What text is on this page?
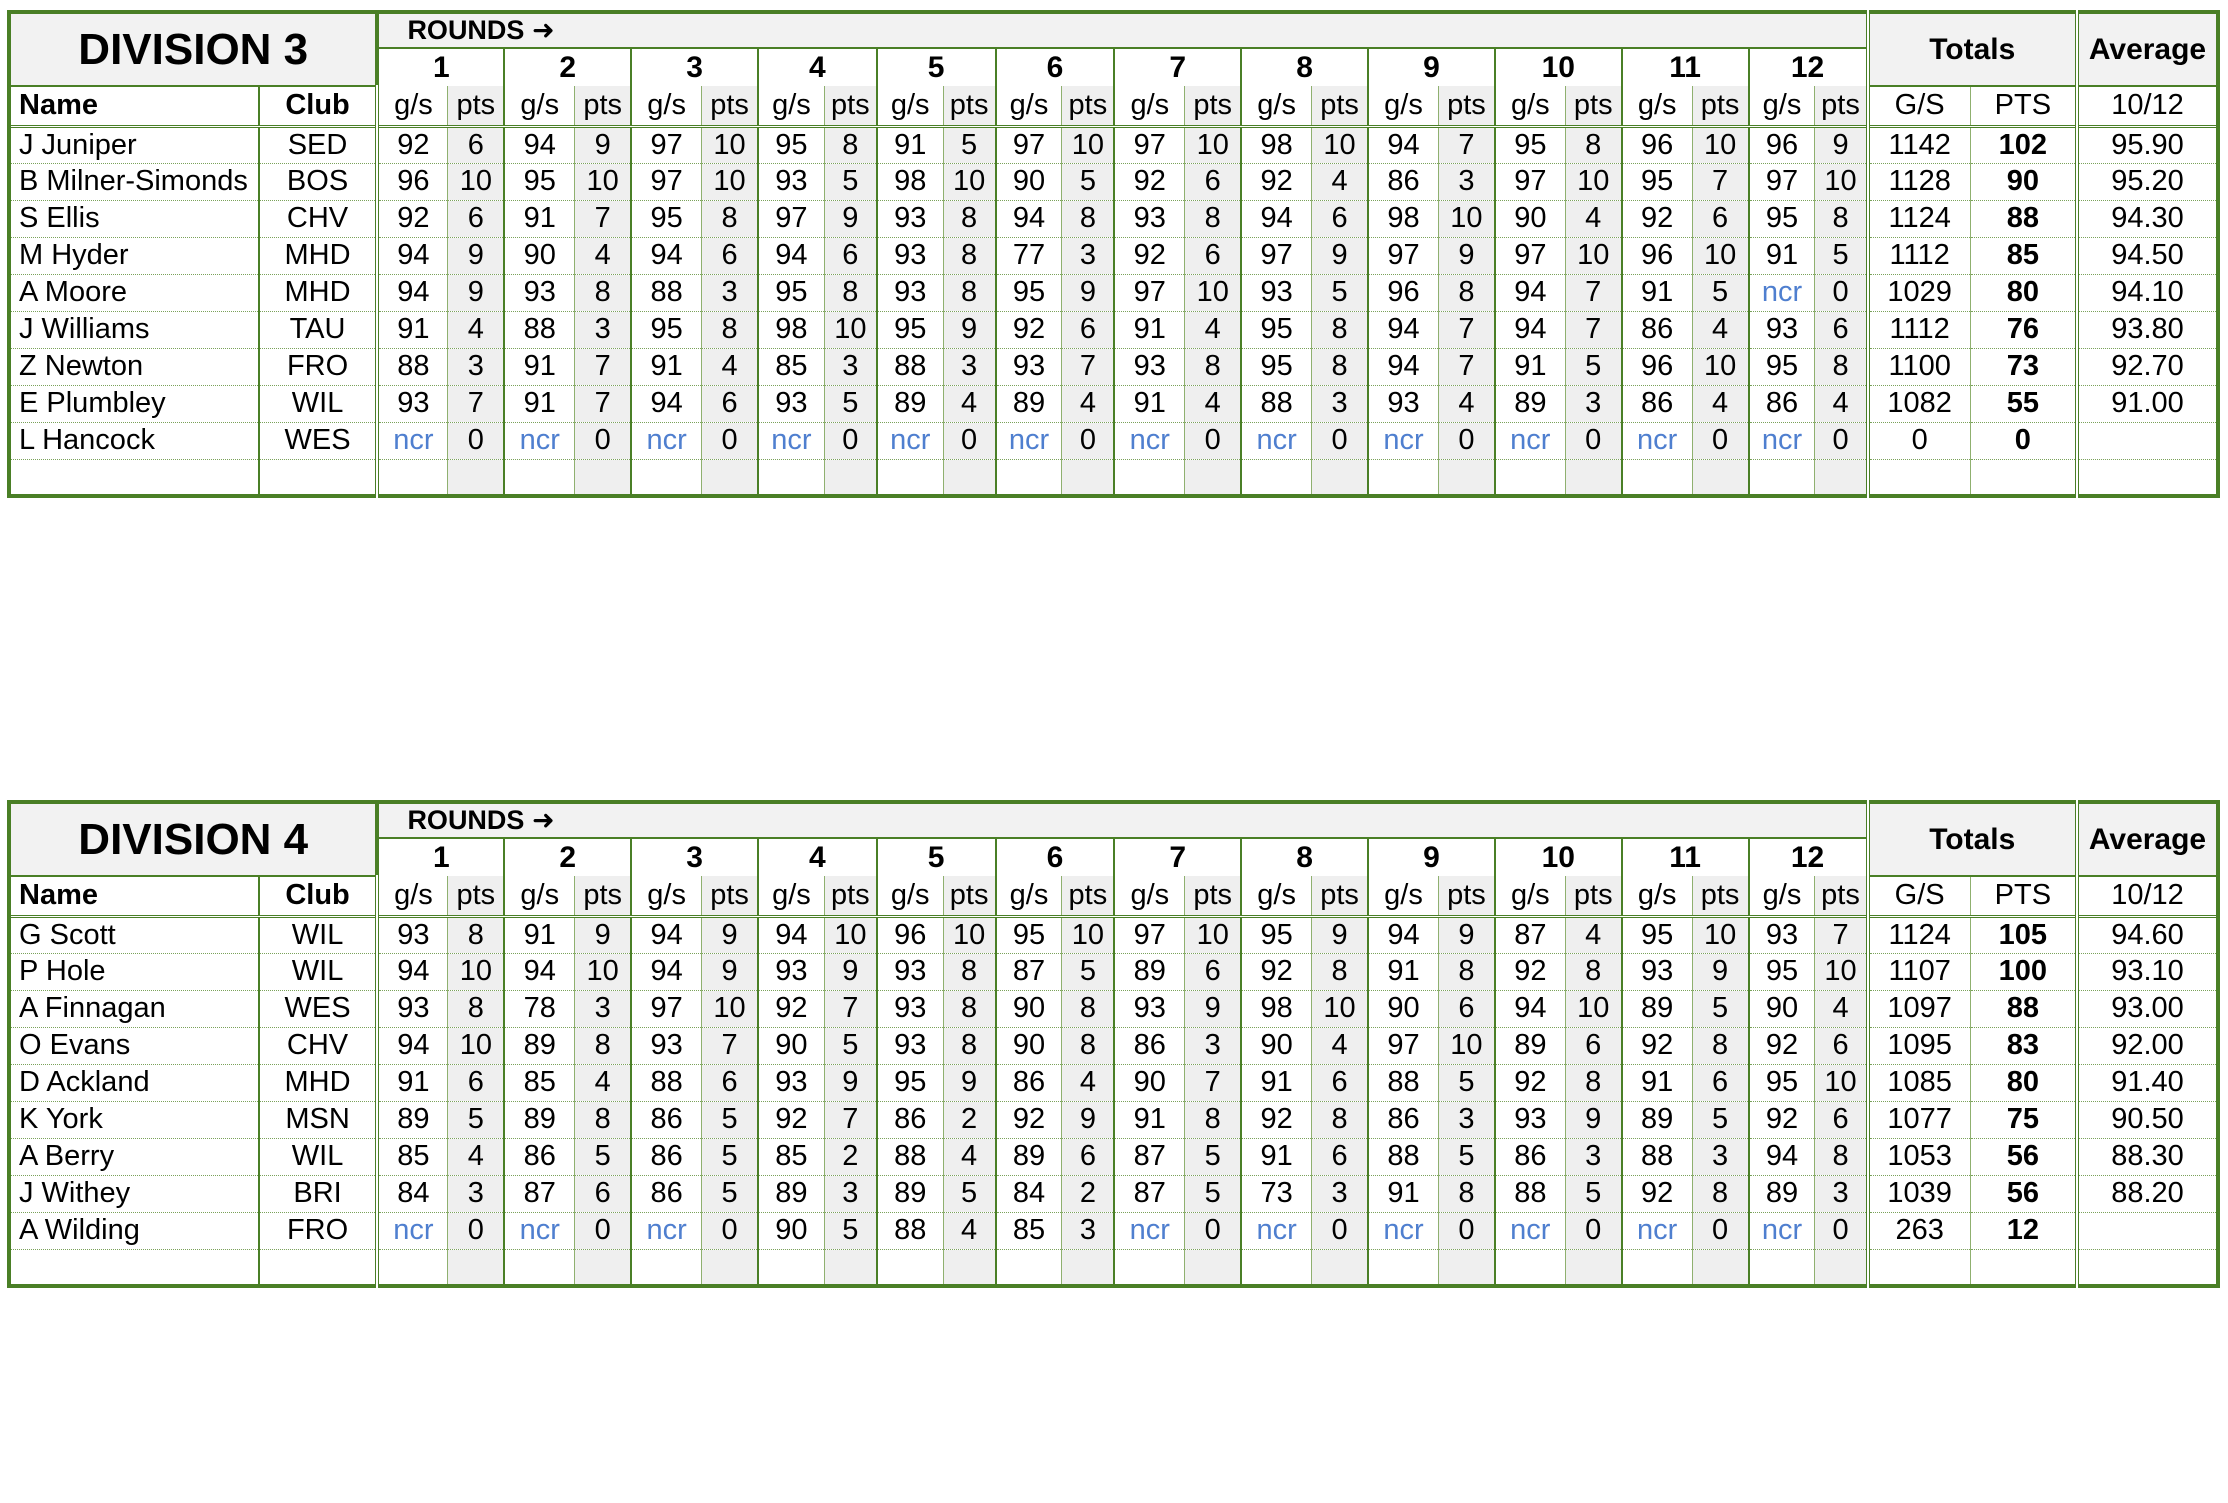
DIVISION 3		ROUNDS ➜																								Totals		Average
		1		2		3		4		5		6		7		8		9		10		11		12				
Name	Club	g/s	pts	g/s	pts	g/s	pts	g/s	pts	g/s	pts	g/s	pts	g/s	pts	g/s	pts	g/s	pts	g/s	pts	g/s	pts	g/s	pts	G/S	PTS	10/12
J Juniper	SED	92	6	94	9	97	10	95	8	91	5	97	10	97	10	98	10	94	7	95	8	96	10	96	9	1142	102	95.90
B Milner-Simonds	BOS	96	10	95	10	97	10	93	5	98	10	90	5	92	6	92	4	86	3	97	10	95	7	97	10	1128	90	95.20
S Ellis	CHV	92	6	91	7	95	8	97	9	93	8	94	8	93	8	94	6	98	10	90	4	92	6	95	8	1124	88	94.30
M Hyder	MHD	94	9	90	4	94	6	94	6	93	8	77	3	92	6	97	9	97	9	97	10	96	10	91	5	1112	85	94.50
A Moore	MHD	94	9	93	8	88	3	95	8	93	8	95	9	97	10	93	5	96	8	94	7	91	5	ncr	0	1029	80	94.10
J Williams	TAU	91	4	88	3	95	8	98	10	95	9	92	6	91	4	95	8	94	7	94	7	86	4	93	6	1112	76	93.80
Z Newton	FRO	88	3	91	7	91	4	85	3	88	3	93	7	93	8	95	8	94	7	91	5	96	10	95	8	1100	73	92.70
E Plumbley	WIL	93	7	91	7	94	6	93	5	89	4	89	4	91	4	88	3	93	4	89	3	86	4	86	4	1082	55	91.00
L Hancock	WES	ncr	0	ncr	0	ncr	0	ncr	0	ncr	0	ncr	0	ncr	0	ncr	0	ncr	0	ncr	0	ncr	0	ncr	0	0	0	

DIVISION 4		ROUNDS ➜																								Totals		Average
		1		2		3		4		5		6		7		8		9		10		11		12				
Name	Club	g/s	pts	g/s	pts	g/s	pts	g/s	pts	g/s	pts	g/s	pts	g/s	pts	g/s	pts	g/s	pts	g/s	pts	g/s	pts	g/s	pts	G/S	PTS	10/12
G Scott	WIL	93	8	91	9	94	9	94	10	96	10	95	10	97	10	95	9	94	9	87	4	95	10	93	7	1124	105	94.60
P Hole	WIL	94	10	94	10	94	9	93	9	93	8	87	5	89	6	92	8	91	8	92	8	93	9	95	10	1107	100	93.10
A Finnagan	WES	93	8	78	3	97	10	92	7	93	8	90	8	93	9	98	10	90	6	94	10	89	5	90	4	1097	88	93.00
O Evans	CHV	94	10	89	8	93	7	90	5	93	8	90	8	86	3	90	4	97	10	89	6	92	8	92	6	1095	83	92.00
D Ackland	MHD	91	6	85	4	88	6	93	9	95	9	86	4	90	7	91	6	88	5	92	8	91	6	95	10	1085	80	91.40
K York	MSN	89	5	89	8	86	5	92	7	86	2	92	9	91	8	92	8	86	3	93	9	89	5	92	6	1077	75	90.50
A Berry	WIL	85	4	86	5	86	5	85	2	88	4	89	6	87	5	91	6	88	5	86	3	88	3	94	8	1053	56	88.30
J Withey	BRI	84	3	87	6	86	5	89	3	89	5	84	2	87	5	73	3	91	8	88	5	92	8	89	3	1039	56	88.20
A Wilding	FRO	ncr	0	ncr	0	ncr	0	90	5	88	4	85	3	ncr	0	ncr	0	ncr	0	ncr	0	ncr	0	ncr	0	263	12	
